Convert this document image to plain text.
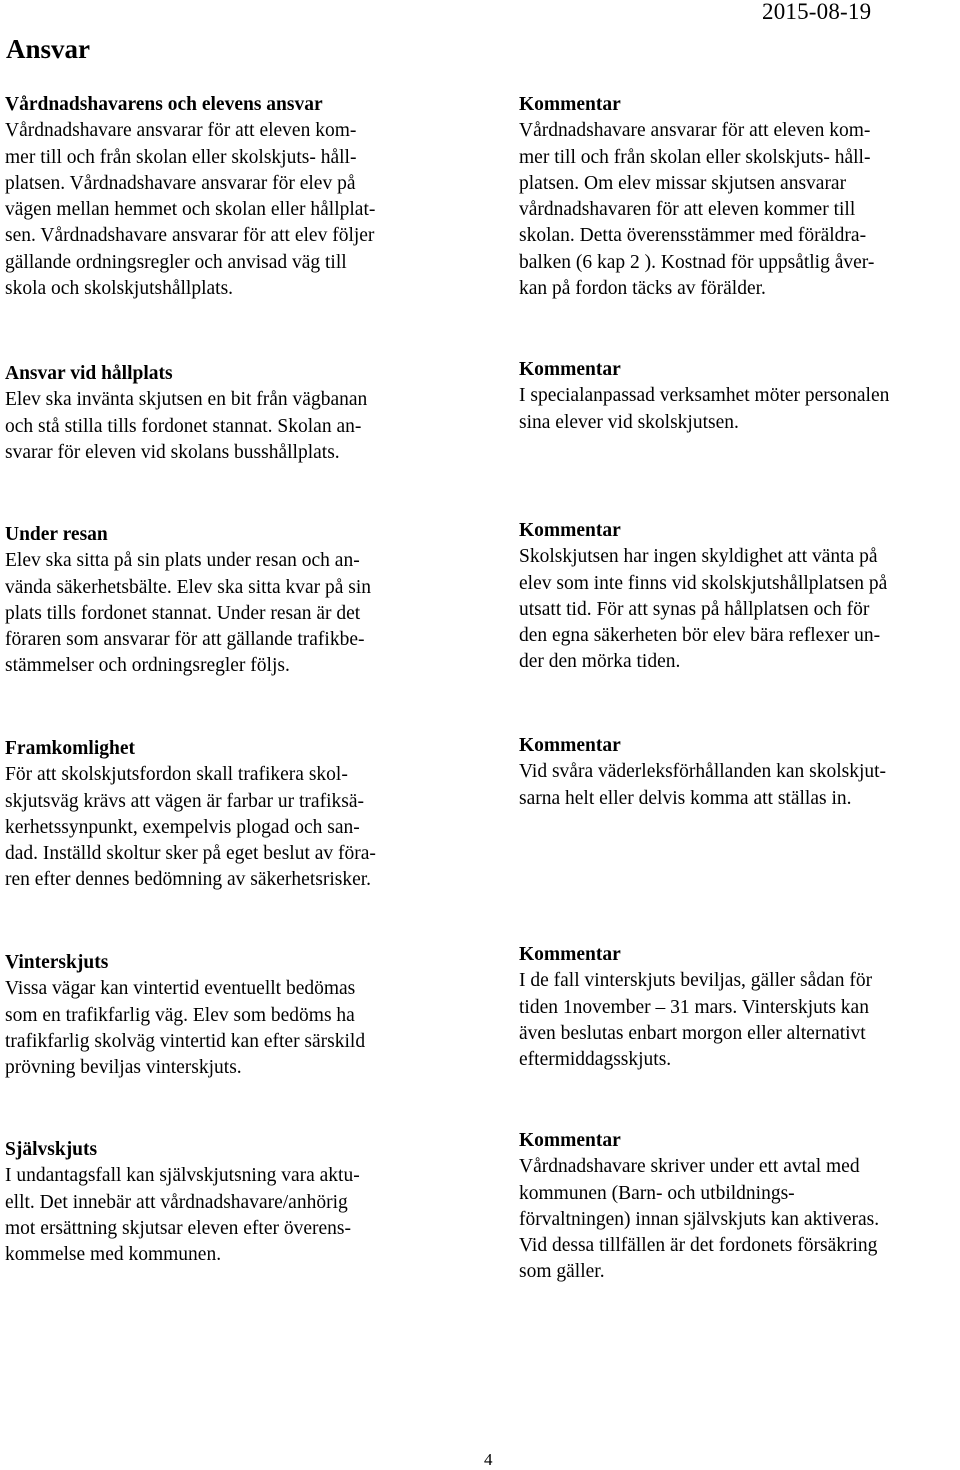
2015-08-19
Ansvar
Vårdnadshavarens och elevens ansvar
Vårdnadshavare ansvarar för att eleven kom-
mer till och från skolan eller skolskjuts- håll-
platsen. Vårdnadshavare ansvarar för elev på
vägen mellan hemmet och skolan eller hållplat-
sen. Vårdnadshavare ansvarar för att elev följer
gällande ordningsregler och anvisad väg till
skola och skolskjutshållplats.
Kommentar
Vårdnadshavare ansvarar för att eleven kom-
mer till och från skolan eller skolskjuts- håll-
platsen. Om elev missar skjutsen ansvarar
vårdnadshavaren för att eleven kommer till
skolan. Detta överensstämmer med föräldra-
balken (6 kap 2 ). Kostnad för uppsåtlig åver-
kan på fordon täcks av förälder.
Ansvar vid hållplats
Elev ska invänta skjutsen en bit från vägbanan
och stå stilla tills fordonet stannat. Skolan an-
svarar för eleven vid skolans busshållplats.
Kommentar
I specialanpassad verksamhet möter personalen
sina elever vid skolskjutsen.
Under resan
Elev ska sitta på sin plats under resan och an-
vända säkerhetsbälte. Elev ska sitta kvar på sin
plats tills fordonet stannat. Under resan är det
föraren som ansvarar för att gällande trafikbe-
stämmelser och ordningsregler följs.
Kommentar
Skolskjutsen har ingen skyldighet att vänta på
elev som inte finns vid skolskjutshållplatsen på
utsatt tid. För att synas på hållplatsen och för
den egna säkerheten bör elev bära reflexer un-
der den mörka tiden.
Framkomlighet
För att skolskjutsfordon skall trafikera skol-
skjutsväg krävs att vägen är farbar ur trafiksä-
kerhetssynpunkt, exempelvis plogad och san-
dad. Inställd skoltur sker på eget beslut av föra-
ren efter dennes bedömning av säkerhetsrisker.
Kommentar
Vid svåra väderleksförhållanden kan skolskjut-
sarna helt eller delvis komma att ställas in.
Vinterskjuts
Vissa vägar kan vintertid eventuellt bedömas
som en trafikfarlig väg. Elev som bedöms ha
trafikfarlig skolväg vintertid kan efter särskild
prövning beviljas vinterskjuts.
Kommentar
I de fall vinterskjuts beviljas, gäller sådan för
tiden 1november – 31 mars. Vinterskjuts kan
även beslutas enbart morgon eller alternativt
eftermiddagsskjuts.
Självskjuts
I undantagsfall kan självskjutsning vara aktu-
ellt. Det innebär att vårdnadshavare/anhörig
mot ersättning skjutsar eleven efter överens-
kommelse med kommunen.
Kommentar
Vårdnadshavare skriver under ett avtal med
kommunen (Barn- och utbildnings-
förvaltningen) innan självskjuts kan aktiveras.
Vid dessa tillfällen är det fordonets försäkring
som gäller.
4
